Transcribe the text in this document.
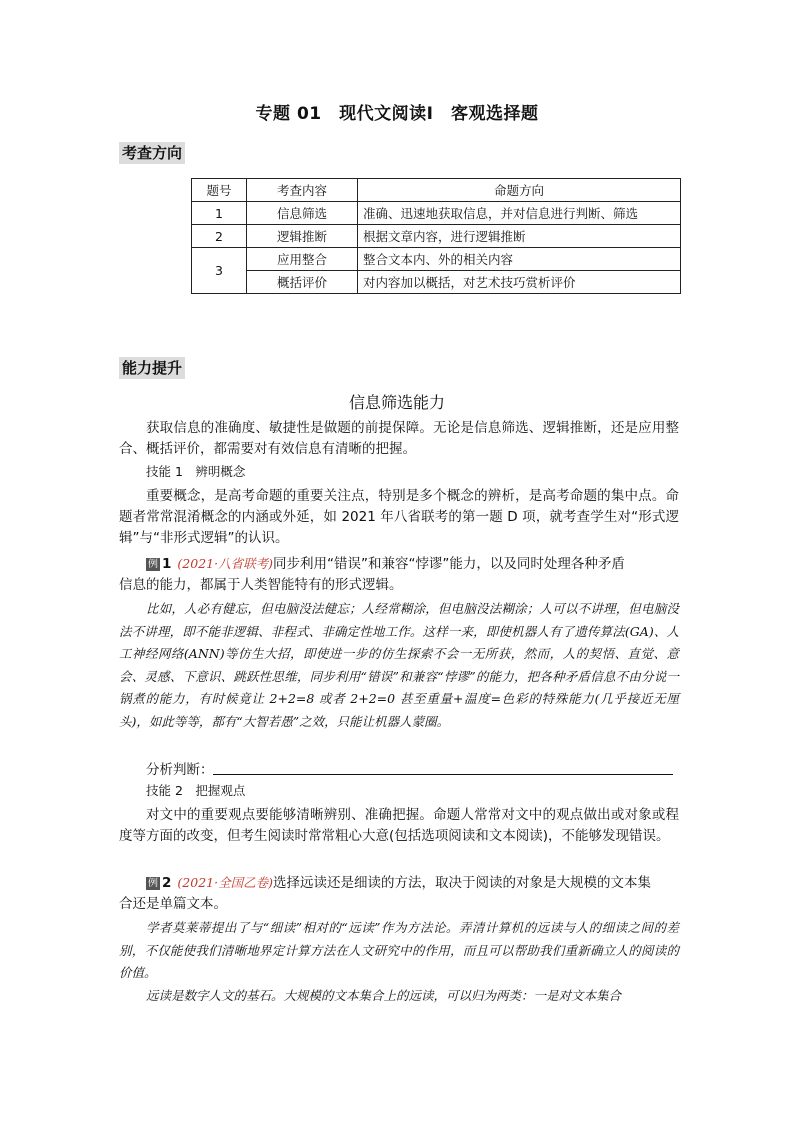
专题 01　现代文阅读Ⅰ　客观选择题
考查方向
题号	考查内容	命题方向
1	信息筛选	准确、迅速地获取信息，并对信息进行判断、筛选
2	逻辑推断	根据文章内容，进行逻辑推断
3	应用整合	整合文本内、外的相关内容
	概括评价	对内容加以概括，对艺术技巧赏析评价
能力提升
信息筛选能力

获取信息的准确度、敏捷性是做题的前提保障。无论是信息筛选、逻辑推断，还是应用整合、概括评价，都需要对有效信息有清晰的把握。

技能 1　辨明概念

重要概念，是高考命题的重要关注点，特别是多个概念的辨析，是高考命题的集中点。命题者常常混淆概念的内涵或外延，如 2021 年八省联考的第一题 D 项，就考查学生对“形式逻辑”与“非形式逻辑”的认识。

例 1 (2021·八省联考)同步利用“错误”和兼容“悖谬”能力，以及同时处理各种矛盾

信息的能力，都属于人类智能特有的形式逻辑。

比如，人必有健忘，但电脑没法健忘；人经常糊涂，但电脑没法糊涂；人可以不讲理，但电脑没法不讲理，即不能非逻辑、非程式、非确定性地工作。这样一来，即使机器人有了遗传算法(GA)、人工神经网络(ANN)等仿生大招，即使进一步的仿生探索不会一无所获，然而，人的契悟、直觉、意会、灵感、下意识、跳跃性思维，同步利用“错误”和兼容“悖谬”的能力，把各种矛盾信息不由分说一锅煮的能力，有时候竟让 2+2=8 或者 2+2=0 甚至重量+温度=色彩的特殊能力(几乎接近无厘头)，如此等等，都有“大智若愚”之效，只能让机器人蒙圈。

分析判断：
技能 2　把握观点

对文中的重要观点要能够清晰辨别、准确把握。命题人常常对文中的观点做出或对象或程度等方面的改变，但考生阅读时常常粗心大意(包括选项阅读和文本阅读)，不能够发现错误。

例 2 (2021·全国乙卷)选择远读还是细读的方法，取决于阅读的对象是大规模的文本集

合还是单篇文本。

学者莫莱蒂提出了与“细读”相对的“远读”作为方法论。弄清计算机的远读与人的细读之间的差别，不仅能使我们清晰地界定计算方法在人文研究中的作用，而且可以帮助我们重新确立人的阅读的价值。

远读是数字人文的基石。大规模的文本集合上的远读，可以归为两类：一是对文本集合
